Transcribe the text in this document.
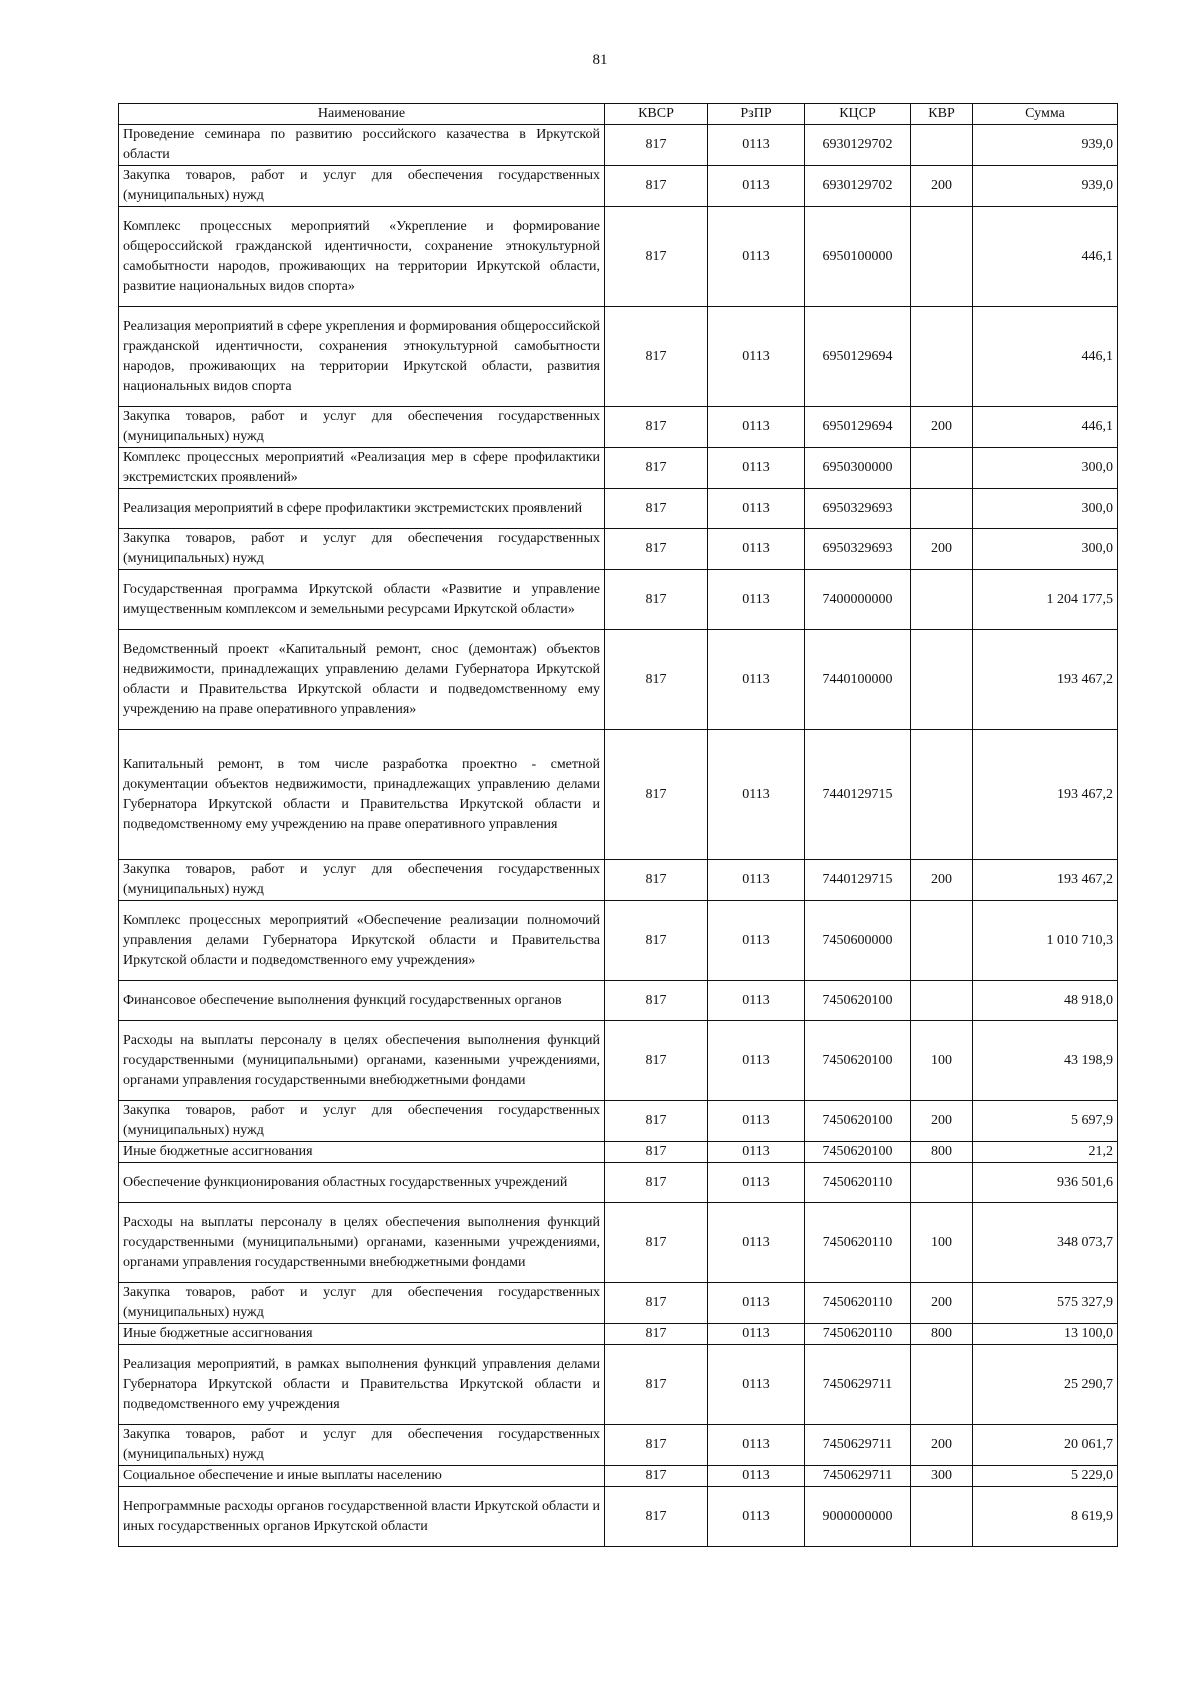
81
Наименование	КВСР	РзПР	КЦСР	КВР	Сумма
Проведение семинара по развитию российского казачества в Иркутской области	817	0113	6930129702		939,0
Закупка товаров, работ и услуг для обеспечения государственных (муниципальных) нужд	817	0113	6930129702	200	939,0
Комплекс процессных мероприятий «Укрепление и формирование общероссийской гражданской идентичности, сохранение этнокультурной самобытности народов, проживающих на территории Иркутской области, развитие национальных видов спорта»	817	0113	6950100000		446,1
Реализация мероприятий в сфере укрепления и формирования общероссийской гражданской идентичности, сохранения этнокультурной самобытности народов, проживающих на территории Иркутской области, развития национальных видов спорта	817	0113	6950129694		446,1
Закупка товаров, работ и услуг для обеспечения государственных (муниципальных) нужд	817	0113	6950129694	200	446,1
Комплекс процессных мероприятий «Реализация мер в сфере профилактики экстремистских проявлений»	817	0113	6950300000		300,0
Реализация мероприятий в сфере профилактики экстремистских проявлений	817	0113	6950329693		300,0
Закупка товаров, работ и услуг для обеспечения государственных (муниципальных) нужд	817	0113	6950329693	200	300,0
Государственная программа Иркутской области «Развитие и управление имущественным комплексом и земельными ресурсами Иркутской области»	817	0113	7400000000		1 204 177,5
Ведомственный проект «Капитальный ремонт, снос (демонтаж) объектов недвижимости, принадлежащих управлению делами Губернатора Иркутской области и Правительства Иркутской области и подведомственному ему учреждению на праве оперативного управления»	817	0113	7440100000		193 467,2
Капитальный ремонт, в том числе разработка проектно - сметной документации объектов недвижимости, принадлежащих управлению делами Губернатора Иркутской области и Правительства Иркутской области и подведомственному ему учреждению на праве оперативного управления	817	0113	7440129715		193 467,2
Закупка товаров, работ и услуг для обеспечения государственных (муниципальных) нужд	817	0113	7440129715	200	193 467,2
Комплекс процессных мероприятий «Обеспечение реализации полномочий управления делами Губернатора Иркутской области и Правительства Иркутской области и подведомственного ему учреждения»	817	0113	7450600000		1 010 710,3
Финансовое обеспечение выполнения функций государственных органов	817	0113	7450620100		48 918,0
Расходы на выплаты персоналу в целях обеспечения выполнения функций государственными (муниципальными) органами, казенными учреждениями, органами управления государственными внебюджетными фондами	817	0113	7450620100	100	43 198,9
Закупка товаров, работ и услуг для обеспечения государственных (муниципальных) нужд	817	0113	7450620100	200	5 697,9
Иные бюджетные ассигнования	817	0113	7450620100	800	21,2
Обеспечение функционирования областных государственных учреждений	817	0113	7450620110		936 501,6
Расходы на выплаты персоналу в целях обеспечения выполнения функций государственными (муниципальными) органами, казенными учреждениями, органами управления государственными внебюджетными фондами	817	0113	7450620110	100	348 073,7
Закупка товаров, работ и услуг для обеспечения государственных (муниципальных) нужд	817	0113	7450620110	200	575 327,9
Иные бюджетные ассигнования	817	0113	7450620110	800	13 100,0
Реализация мероприятий, в рамках выполнения функций управления делами Губернатора Иркутской области и Правительства Иркутской области и подведомственного ему учреждения	817	0113	7450629711		25 290,7
Закупка товаров, работ и услуг для обеспечения государственных (муниципальных) нужд	817	0113	7450629711	200	20 061,7
Социальное обеспечение и иные выплаты населению	817	0113	7450629711	300	5 229,0
Непрограммные расходы органов государственной власти Иркутской области и иных государственных органов Иркутской области	817	0113	9000000000		8 619,9
